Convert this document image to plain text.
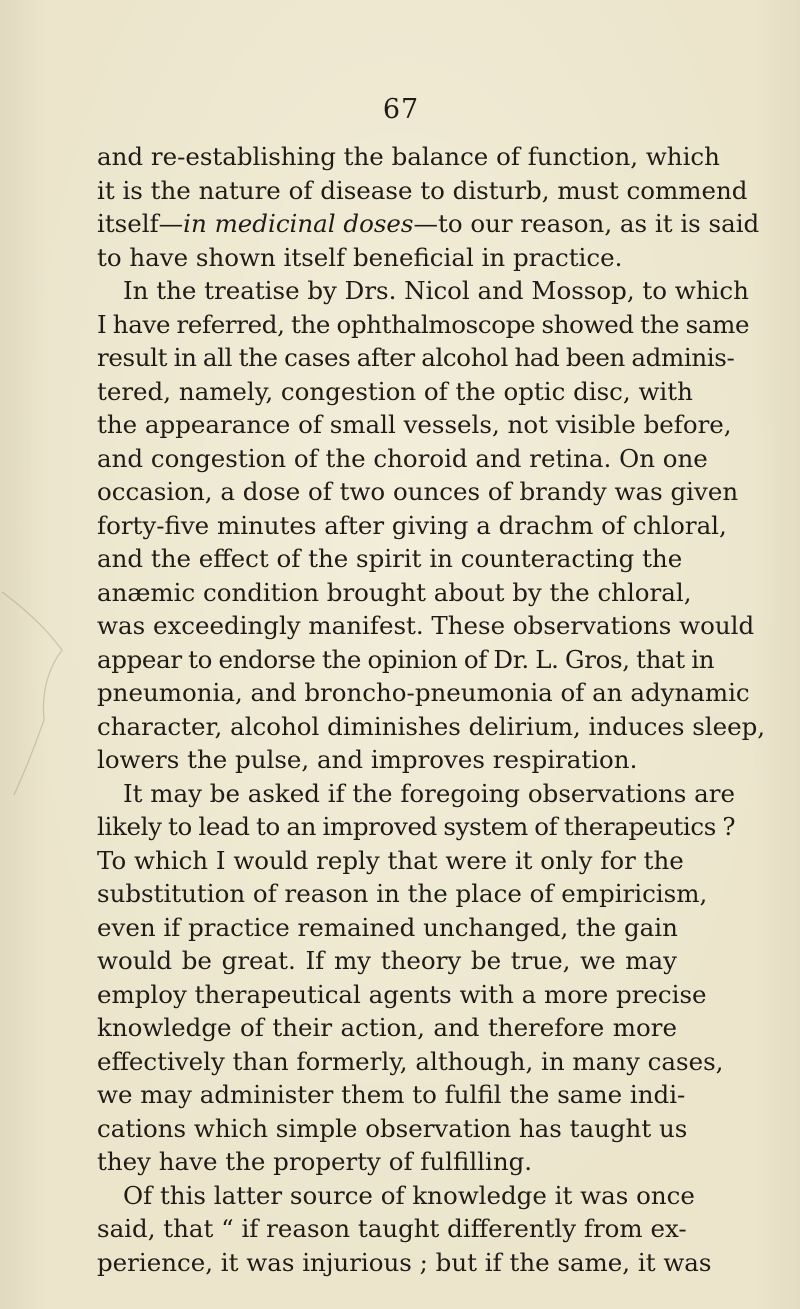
67
and re-establishing the balance of function, which
it is the nature of disease to disturb, must commend
itself—in medicinal doses—to our reason, as it is said
to have shown itself beneficial in practice.
In the treatise by Drs. Nicol and Mossop, to which
I have referred, the ophthalmoscope showed the same
result in all the cases after alcohol had been adminis-
tered, namely, congestion of the optic disc, with
the appearance of small vessels, not visible before,
and congestion of the choroid and retina. On one
occasion, a dose of two ounces of brandy was given
forty-five minutes after giving a drachm of chloral,
and the effect of the spirit in counteracting the
anæmic condition brought about by the chloral,
was exceedingly manifest. These observations would
appear to endorse the opinion of Dr. L. Gros, that in
pneumonia, and broncho-pneumonia of an adynamic
character, alcohol diminishes delirium, induces sleep,
lowers the pulse, and improves respiration.
It may be asked if the foregoing observations are
likely to lead to an improved system of therapeutics ?
To which I would reply that were it only for the
substitution of reason in the place of empiricism,
even if practice remained unchanged, the gain
would be great. If my theory be true, we may
employ therapeutical agents with a more precise
knowledge of their action, and therefore more
effectively than formerly, although, in many cases,
we may administer them to fulfil the same indi-
cations which simple observation has taught us
they have the property of fulfilling.
Of this latter source of knowledge it was once
said, that “ if reason taught differently from ex-
perience, it was injurious ; but if the same, it was
